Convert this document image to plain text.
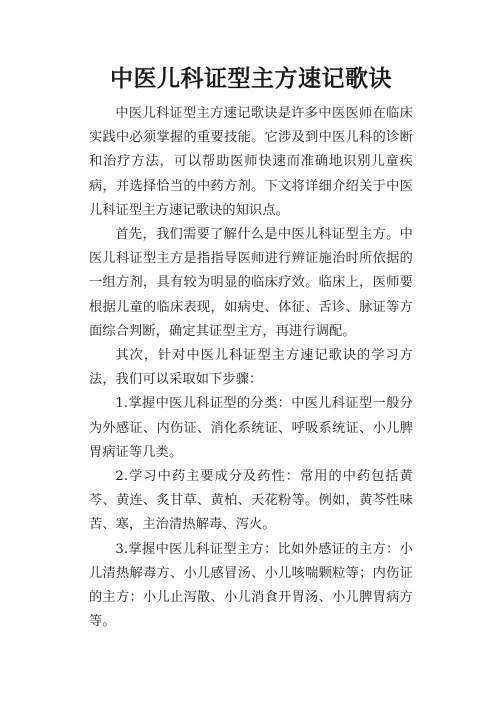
中医儿科证型主方速记歌诀

中医儿科证型主方速记歌诀是许多中医医师在临床实践中必须掌握的重要技能。它涉及到中医儿科的诊断和治疗方法，可以帮助医师快速而准确地识别儿童疾病，并选择恰当的中药方剂。下文将详细介绍关于中医儿科证型主方速记歌诀的知识点。

首先，我们需要了解什么是中医儿科证型主方。中医儿科证型主方是指指导医师进行辨证施治时所依据的一组方剂，具有较为明显的临床疗效。临床上，医师要根据儿童的临床表现，如病史、体征、舌诊、脉证等方面综合判断，确定其证型主方，再进行调配。

其次，针对中医儿科证型主方速记歌诀的学习方法，我们可以采取如下步骤：

1.掌握中医儿科证型的分类：中医儿科证型一般分为外感证、内伤证、消化系统证、呼吸系统证、小儿脾胃病证等几类。

2.学习中药主要成分及药性：常用的中药包括黄芩、黄连、炙甘草、黄柏、天花粉等。例如，黄芩性味苦、寒，主治清热解毒、泻火。

3.掌握中医儿科证型主方：比如外感证的主方：小儿清热解毒方、小儿感冒汤、小儿咳喘颗粒等；内伤证的主方：小儿止泻散、小儿消食开胃汤、小儿脾胃病方等。
